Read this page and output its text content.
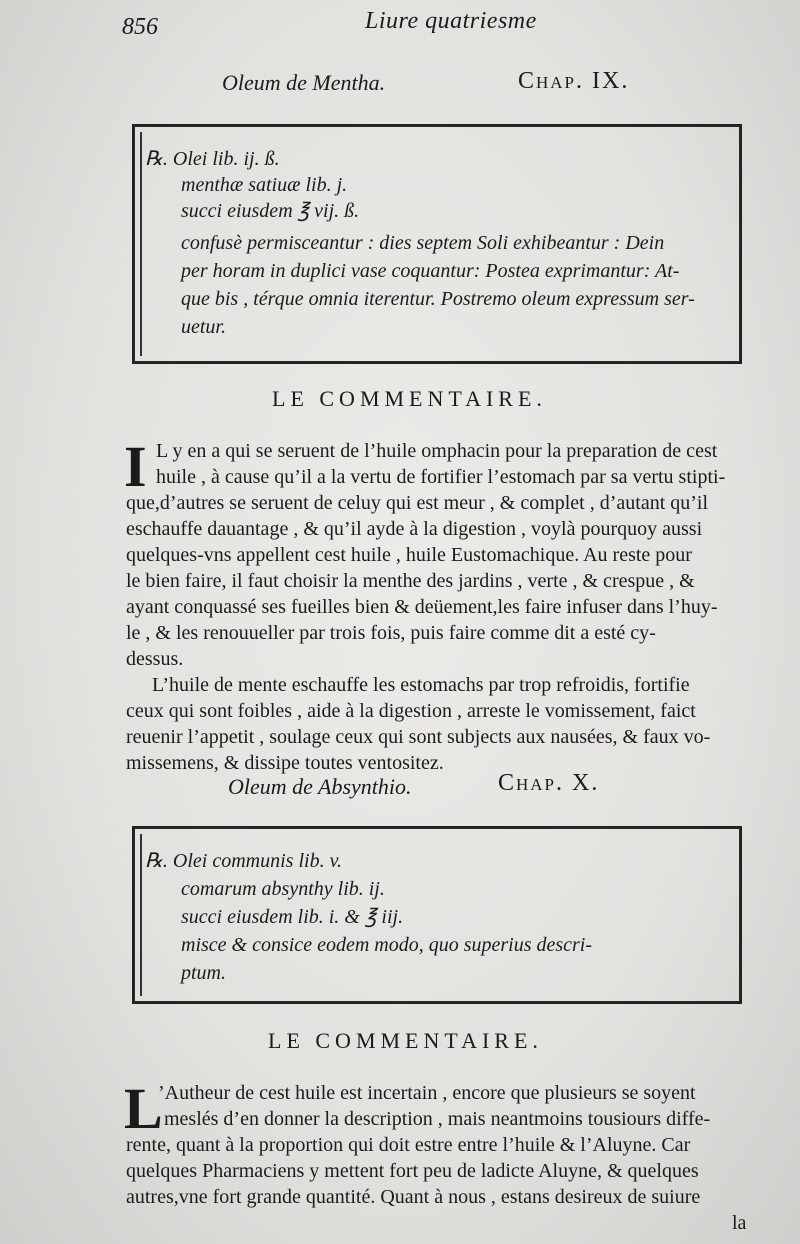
856	Liure quatriesme
Oleum de Mentha.	Chap. IX.
℞. Olei lib. ij. ß.
menthæ satiuæ lib. j.
succi eiusdem ℥ vij. ß.
confusè permisceantur : dies septem Soli exhibeantur : Dein
per horam in duplici vase coquantur: Postea exprimantur: At-
que bis , térque omnia iterentur. Postremo oleum expressum ser-
uetur.
LE COMMENTAIRE.
I L y en a qui se seruent de l’huile omphacin pour la preparation de cest
huile , à cause qu’il a la vertu de fortifier l’estomach par sa vertu stipti-
que,d’autres se seruent de celuy qui est meur , & complet , d’autant qu’il
eschauffe dauantage , & qu’il ayde à la digestion , voylà pourquoy aussi
quelques-vns appellent cest huile , huile Eustomachique. Au reste pour
le bien faire, il faut choisir la menthe des jardins , verte , & crespue , &
ayant conquassé ses fueilles bien & deüement,les faire infuser dans l’huy-
le , & les renouueller par trois fois, puis faire comme dit a esté cy-
dessus.
L’huile de mente eschauffe les estomachs par trop refroidis, fortifie
ceux qui sont foibles , aide à la digestion , arreste le vomissement, faict
reuenir l’appetit , soulage ceux qui sont subjects aux nausées, & faux vo-
missemens, & dissipe toutes ventositez.
Oleum de Absynthio.	Chap. X.
℞. Olei communis lib. v.
comarum absynthy lib. ij.
succi eiusdem lib. i. & ℥ iij.
misce & consice eodem modo, quo superius descri-
ptum.
LE COMMENTAIRE.
L
’Autheur de cest huile est incertain , encore que plusieurs se soyent
meslés d’en donner la description , mais neantmoins tousiours diffe-
rente, quant à la proportion qui doit estre entre l’huile & l’Aluyne. Car
quelques Pharmaciens y mettent fort peu de ladicte Aluyne, & quelques
autres,vne fort grande quantité. Quant à nous , estans desireux de suiure
la
